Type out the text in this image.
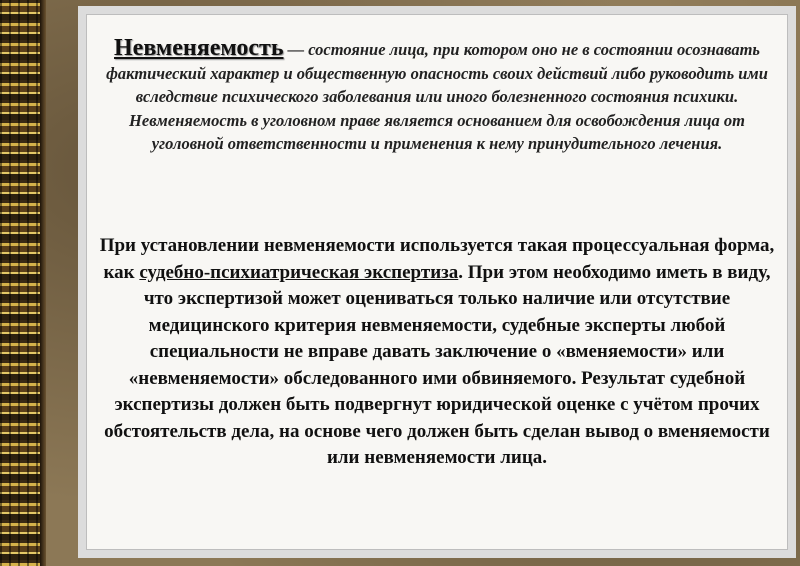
Невменяемость — состояние лица, при котором оно не в состоянии осознавать фактический характер и общественную опасность своих действий либо руководить ими вследствие психического заболевания или иного болезненного состояния психики. Невменяемость в уголовном праве является основанием для освобождения лица от уголовной ответственности и применения к нему принудительного лечения.
При установлении невменяемости используется такая процессуальная форма, как судебно-психиатрическая экспертиза. При этом необходимо иметь в виду, что экспертизой может оцениваться только наличие или отсутствие медицинского критерия невменяемости, судебные эксперты любой специальности не вправе давать заключение о «вменяемости» или «невменяемости» обследованного ими обвиняемого. Результат судебной экспертизы должен быть подвергнут юридической оценке с учётом прочих обстоятельств дела, на основе чего должен быть сделан вывод о вменяемости или невменяемости лица.
